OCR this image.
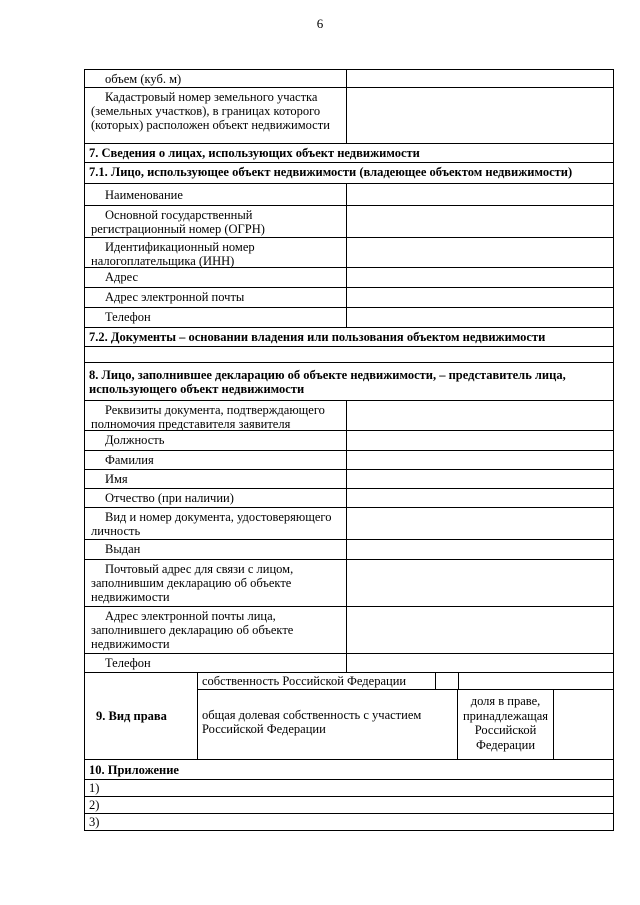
6
объем (куб. м)
Кадастровый номер земельного участка (земельных участков), в границах которого (которых) расположен объект недвижимости
7. Сведения о лицах, использующих объект недвижимости
7.1. Лицо, использующее объект недвижимости (владеющее объектом недвижимости)
Наименование
Основной государственный регистрационный номер (ОГРН)
Идентификационный номер налогоплательщика (ИНН)
Адрес
Адрес электронной почты
Телефон
7.2. Документы – основании владения или пользования объектом недвижимости
8. Лицо, заполнившее декларацию об объекте недвижимости, – представитель лица, использующего объект недвижимости
Реквизиты документа, подтверждающего полномочия представителя заявителя
Должность
Фамилия
Имя
Отчество (при наличии)
Вид и номер документа, удостоверяющего личность
Выдан
Почтовый адрес для связи с лицом, заполнившим декларацию об объекте недвижимости
Адрес электронной почты лица, заполнившего декларацию об объекте недвижимости
Телефон
9. Вид права
собственность Российской Федерации
общая долевая собственность с участием Российской Федерации
доля в праве, принадлежащая Российской Федерации
10. Приложение
1)
2)
3)
